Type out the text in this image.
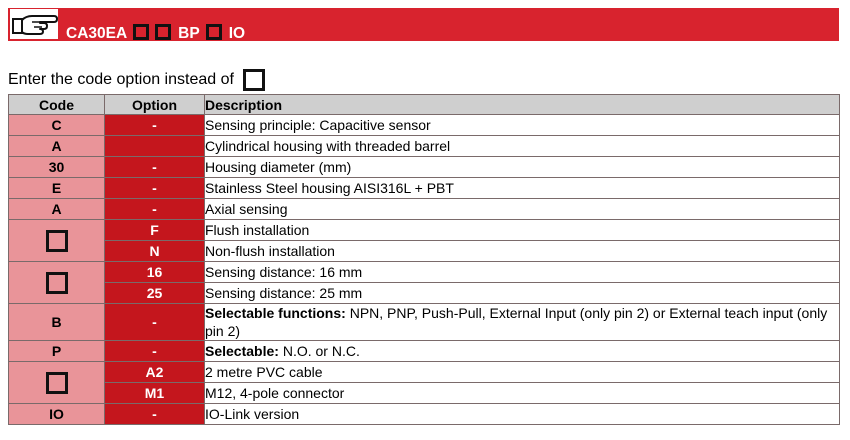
CA30EA	BP IO
Enter the code option instead of
Code	Option	Description
C	-	Sensing principle: Capacitive sensor
A		Cylindrical housing with threaded barrel
30	-	Housing diameter (mm)
E	-	Stainless Steel housing AISI316L + PBT
A	-	Axial sensing
	F	Flush installation
	N	Non-flush installation
	16	Sensing distance: 16 mm
	25	Sensing distance: 25 mm
B	-	Selectable functions: NPN, PNP, Push-Pull, External Input (only pin 2) or External teach input (only pin 2)
P	-	Selectable: N.O. or N.C.
	A2	2 metre PVC cable
	M1	M12, 4-pole connector
IO	-	IO-Link version
